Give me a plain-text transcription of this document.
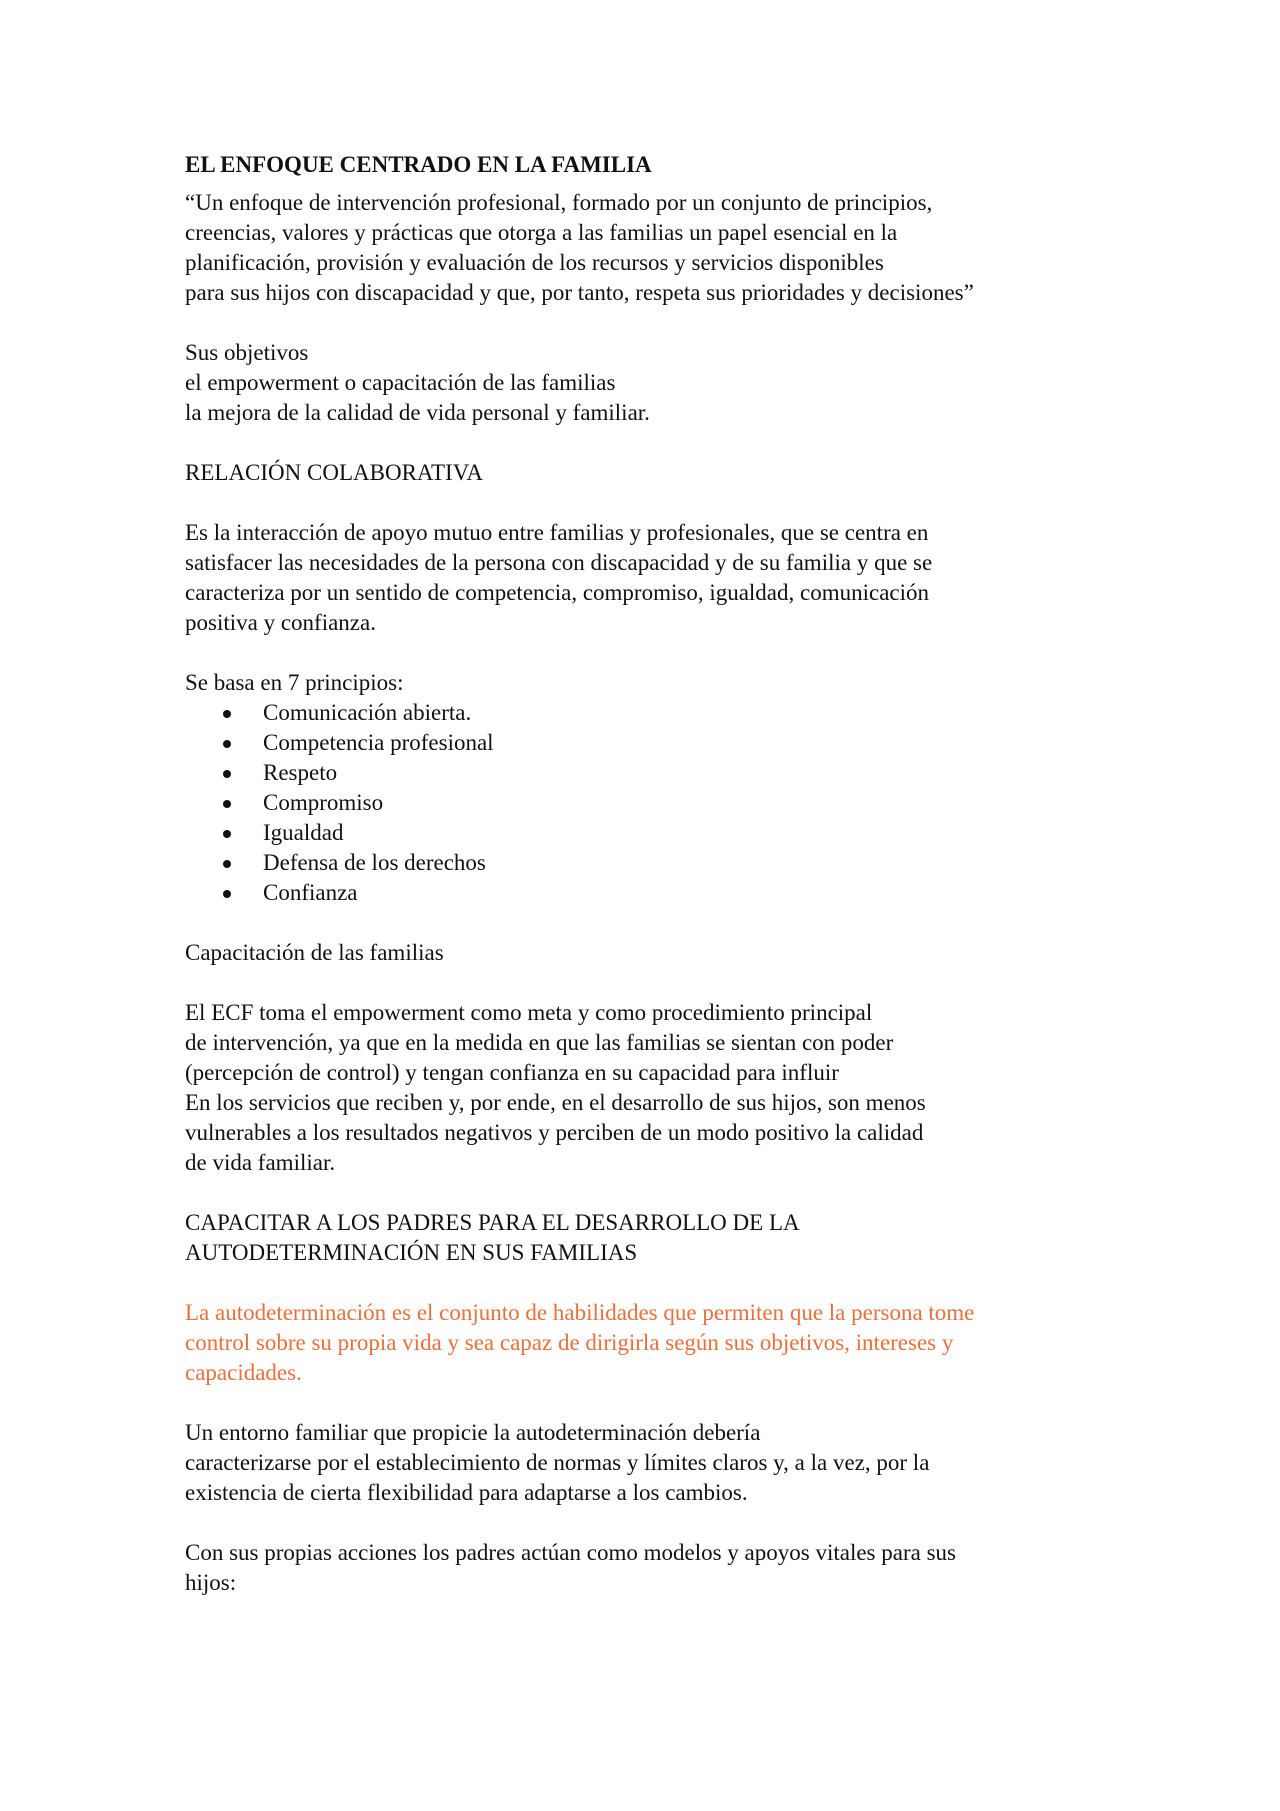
EL ENFOQUE CENTRADO EN LA FAMILIA
“Un enfoque de intervención profesional, formado por un conjunto de principios,
creencias, valores y prácticas que otorga a las familias un papel esencial en la
planificación, provisión y evaluación de los recursos y servicios disponibles
para sus hijos con discapacidad y que, por tanto, respeta sus prioridades y decisiones”
Sus objetivos
el empowerment o capacitación de las familias
la mejora de la calidad de vida personal y familiar.
RELACIÓN COLABORATIVA
Es la interacción de apoyo mutuo entre familias y profesionales, que se centra en
satisfacer las necesidades de la persona con discapacidad y de su familia y que se
caracteriza por un sentido de competencia, compromiso, igualdad, comunicación
positiva y confianza.
Se basa en 7 principios:
Comunicación abierta.
Competencia profesional
Respeto
Compromiso
Igualdad
Defensa de los derechos
Confianza
Capacitación de las familias
El ECF toma el empowerment como meta y como procedimiento principal
de intervención, ya que en la medida en que las familias se sientan con poder
(percepción de control) y tengan confianza en su capacidad para influir
En los servicios que reciben y, por ende, en el desarrollo de sus hijos, son menos
vulnerables a los resultados negativos y perciben de un modo positivo la calidad
de vida familiar.
CAPACITAR A LOS PADRES PARA EL DESARROLLO DE LA
AUTODETERMINACIÓN EN SUS FAMILIAS
La autodeterminación es el conjunto de habilidades que permiten que la persona tome
control sobre su propia vida y sea capaz de dirigirla según sus objetivos, intereses y
capacidades.
Un entorno familiar que propicie la autodeterminación debería
caracterizarse por el establecimiento de normas y límites claros y, a la vez, por la
existencia de cierta flexibilidad para adaptarse a los cambios.
Con sus propias acciones los padres actúan como modelos y apoyos vitales para sus
hijos:
